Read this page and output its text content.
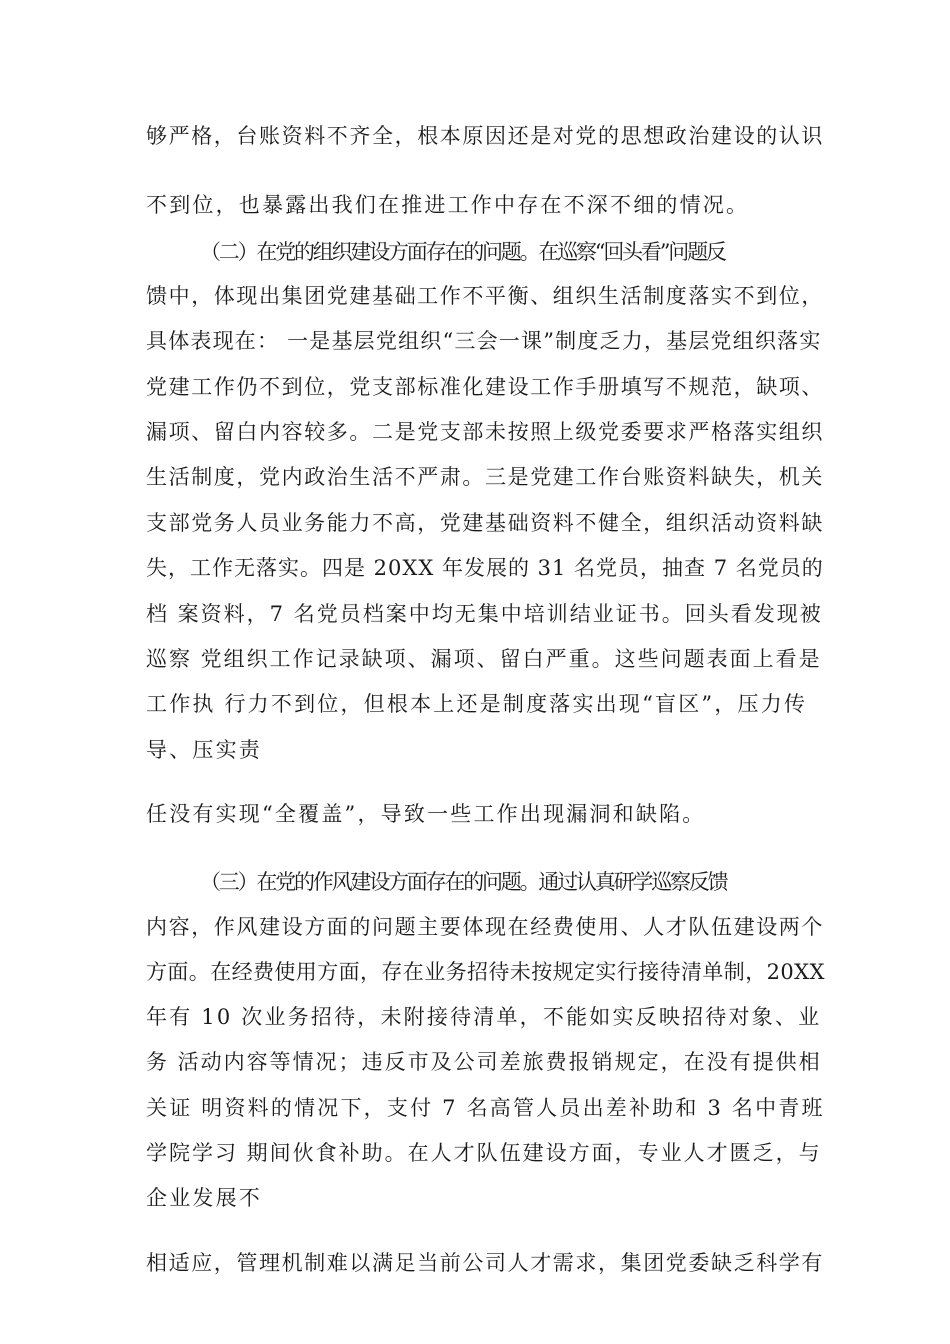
够严格，台账资料不齐全，根本原因还是对党的思想政治建设的认识
不到位，也暴露出我们在推进工作中存在不深不细的情况。
（二）在党的组织建设方面存在的问题。在巡察“回头看”问题反
馈中，体现出集团党建基础工作不平衡、组织生活制度落实不到位，
具体表现在： 一是基层党组织“三会一课”制度乏力，基层党组织落实
党建工作仍不到位，党支部标准化建设工作手册填写不规范，缺项、
漏项、留白内容较多。二是党支部未按照上级党委要求严格落实组织
生活制度，党内政治生活不严肃。三是党建工作台账资料缺失，机关
支部党务人员业务能力不高，党建基础资料不健全，组织活动资料缺
失，工作无落实。四是 20XX 年发展的 31 名党员，抽查 7 名党员的
档 案资料，7 名党员档案中均无集中培训结业证书。回头看发现被
巡察 党组织工作记录缺项、漏项、留白严重。这些问题表面上看是
工作执 行力不到位，但根本上还是制度落实出现“盲区”，压力传
导、压实责
任没有实现“全覆盖”，导致一些工作出现漏洞和缺陷。
（三）在党的作风建设方面存在的问题。通过认真研学巡察反馈
内容，作风建设方面的问题主要体现在经费使用、人才队伍建设两个
方面。在经费使用方面，存在业务招待未按规定实行接待清单制，20XX
年有 10 次业务招待，未附接待清单，不能如实反映招待对象、业
务 活动内容等情况；违反市及公司差旅费报销规定，在没有提供相
关证 明资料的情况下，支付 7 名高管人员出差补助和 3 名中青班
学院学习 期间伙食补助。在人才队伍建设方面，专业人才匮乏，与
企业发展不
相适应，管理机制难以满足当前公司人才需求，集团党委缺乏科学有
